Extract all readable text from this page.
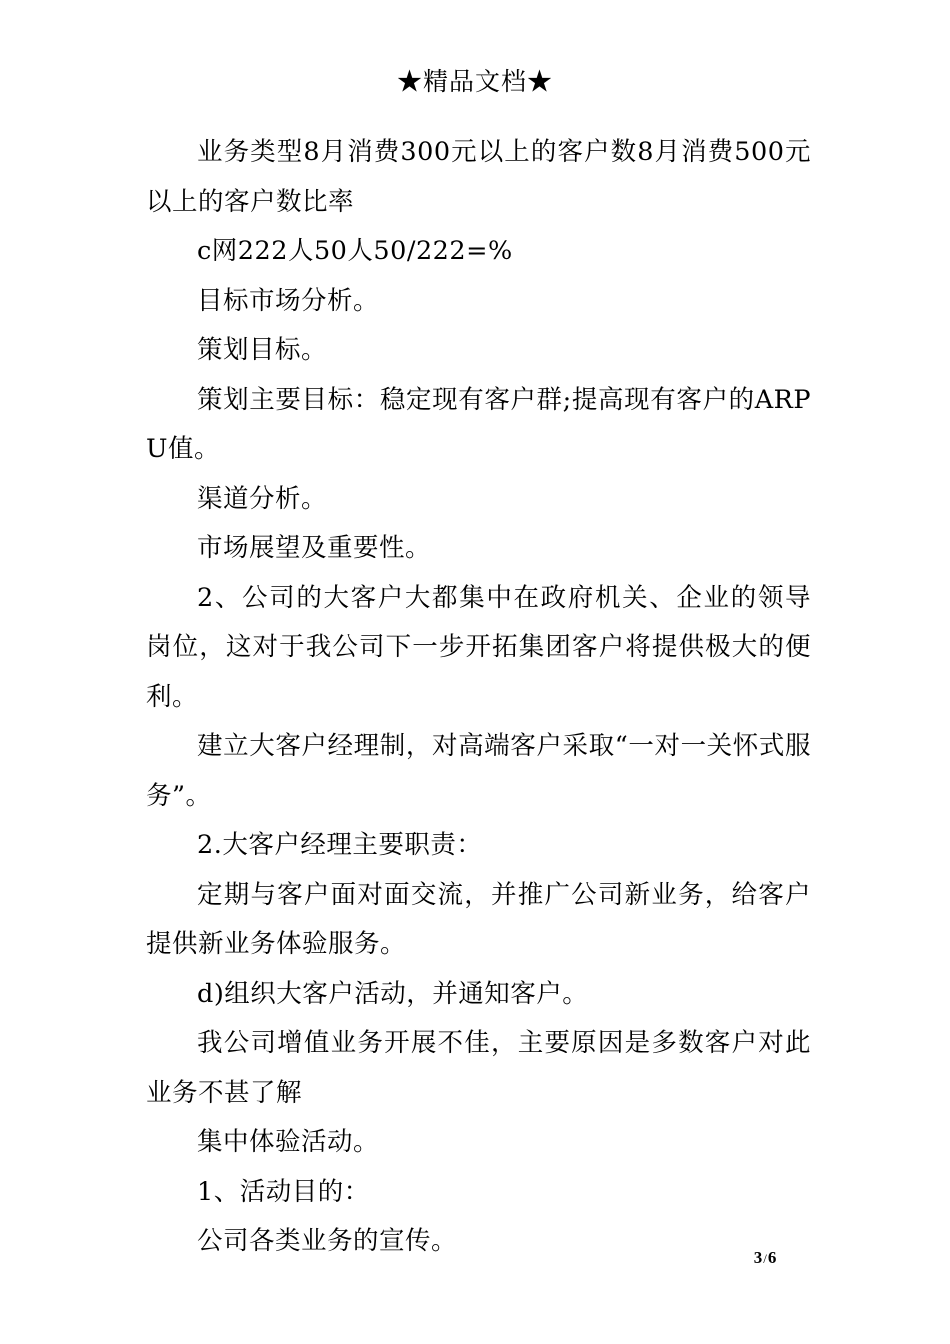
★精品文档★

业务类型8月消费300元以上的客户数8月消费500元以上的客户数比率

c网222人50人50/222=%

目标市场分析。

策划目标。

策划主要目标：稳定现有客户群;提高现有客户的ARPU值。

渠道分析。

市场展望及重要性。

2、公司的大客户大都集中在政府机关、企业的领导岗位，这对于我公司下一步开拓集团客户将提供极大的便利。

建立大客户经理制，对高端客户采取“一对一关怀式服务”。

2.大客户经理主要职责：

定期与客户面对面交流，并推广公司新业务，给客户提供新业务体验服务。

d)组织大客户活动，并通知客户。

我公司增值业务开展不佳，主要原因是多数客户对此业务不甚了解

集中体验活动。

1、活动目的：

公司各类业务的宣传。

3/6
